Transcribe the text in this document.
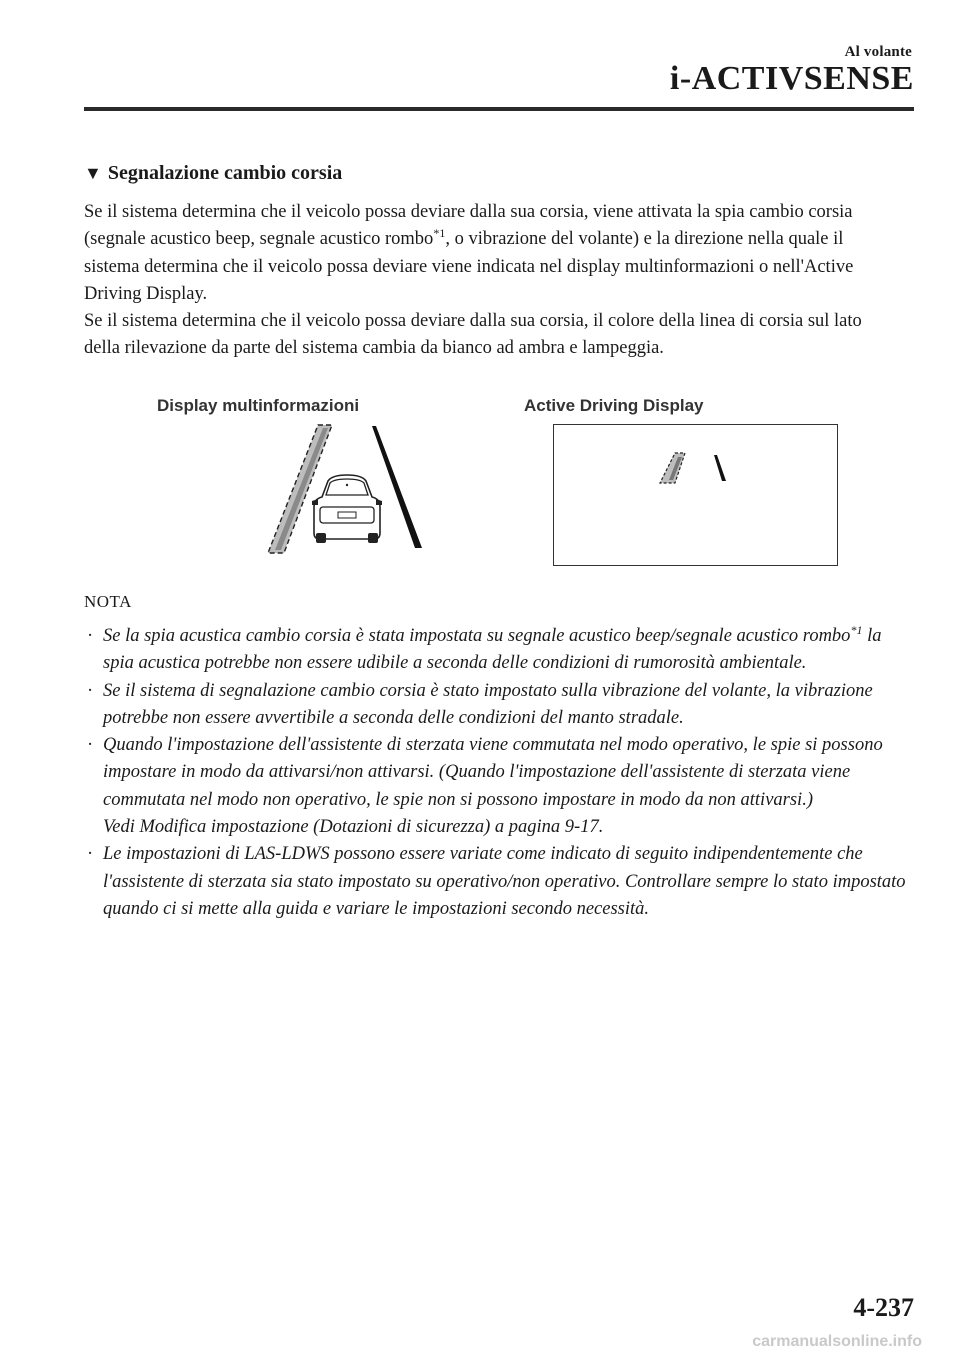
Al volante
i-ACTIVSENSE
▼ Segnalazione cambio corsia

Se il sistema determina che il veicolo possa deviare dalla sua corsia, viene attivata la spia cambio corsia (segnale acustico beep, segnale acustico rombo$^{*1}$, o vibrazione del volante) e la direzione nella quale il sistema determina che il veicolo possa deviare viene indicata nel display multinformazioni o nell'Active Driving Display.

Se il sistema determina che il veicolo possa deviare dalla sua corsia, il colore della linea di corsia sul lato della rilevazione da parte del sistema cambia da bianco ad ambra e lampeggia.

Display multinformazioni	Active Driving Display
NOTA
· Se la spia acustica cambio corsia è stata impostata su segnale acustico beep/segnale acustico rombo$^{*1}$ la spia acustica potrebbe non essere udibile a seconda delle condizioni di rumorosità ambientale.
· Se il sistema di segnalazione cambio corsia è stato impostato sulla vibrazione del volante, la vibrazione potrebbe non essere avvertibile a seconda delle condizioni del manto stradale.
· Quando l'impostazione dell'assistente di sterzata viene commutata nel modo operativo, le spie si possono impostare in modo da attivarsi/non attivarsi. (Quando l'impostazione dell'assistente di sterzata viene commutata nel modo non operativo, le spie non si possono impostare in modo da non attivarsi.)
Vedi Modifica impostazione (Dotazioni di sicurezza) a pagina 9-17.
· Le impostazioni di LAS-LDWS possono essere variate come indicato di seguito indipendentemente che l'assistente di sterzata sia stato impostato su operativo/non operativo. Controllare sempre lo stato impostato quando ci si mette alla guida e variare le impostazioni secondo necessità.
4-237
carmanualsonline.info
